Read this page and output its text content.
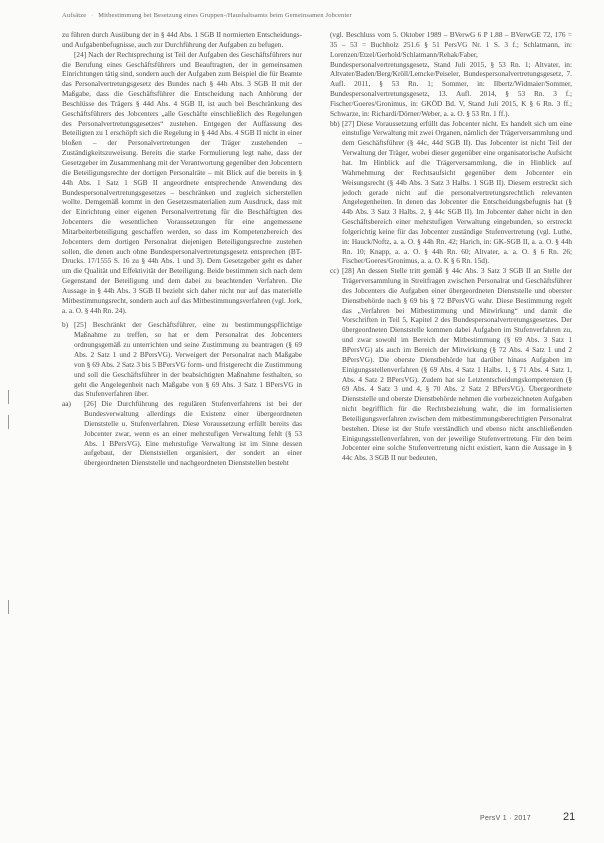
Aufsätze · Mitbestimmung bei Besetzung eines Gruppen-/Haushaltsamts beim Gemeinsamen Jobcenter

zu führen durch Ausübung der in § 44d Abs. 1 SGB II normierten Entscheidungs- und Aufgabenbefugnisse, auch zur Durchführung der Aufgaben zu befugen.

[24] Nach der Rechtsprechung ist Teil der Aufgaben des Geschäftsführers nur die Berufung eines Geschäftsführers und Beauftragten, der in gemeinsamen Einrichtungen tätig sind, sondern auch der Aufgaben zum Beispiel die für Beamte das Personalvertretungsgesetz des Bundes nach § 44h Abs. 3 SGB II mit der Maßgabe, dass die Geschäftsführer die Entscheidung nach Anhörung der Beschlüsse des Trägers § 44d Abs. 4 SGB II, ist auch bei Beschränkung des Geschäftsführers des Jobcenters „alle Geschäfte einschließlich des Regelungen des Personalvertretungsgesetzes“ zustehen. Entgegen der Auffassung des Beteiligten zu 1 erschöpft sich die Regelung in § 44d Abs. 4 SGB II nicht in einer bloßen – der Personalvertretungen der Träger zustehenden – Zuständigkeitszuweisung. Bereits die starke Formulierung legt nahe, dass der Gesetzgeber im Zusammenhang mit der Verantwortung gegenüber den Jobcentern die Beteiligungsrechte der dortigen Personalräte – mit Blick auf die bereits in § 44h Abs. 1 Satz 1 SGB II angeordnete entsprechende Anwendung des Bundespersonalvertretungsgesetzes – beschränken und zugleich sicherstellen wollte. Demgemäß kommt in den Gesetzesmaterialien zum Ausdruck, dass mit der Einrichtung einer eigenen Personalvertretung für die Beschäftigten des Jobcenters die wesentlichen Voraussetzungen für eine angemessene Mitarbeiterbeteiligung geschaffen werden, so dass im Kompetenzbereich des Jobcenters dem dortigen Personalrat diejenigen Beteiligungsrechte zustehen sollen, die denen auch ohne Bundespersonalvertretungsgesetz entsprechen (BT-Drucks. 17/1555 S. 16 zu § 44h Abs. 1 und 3). Dem Gesetzgeber geht es daher um die Qualität und Effektivität der Beteiligung. Beide bestimmen sich nach dem Gegenstand der Beteiligung und dem dabei zu beachtenden Verfahren. Die Aussage in § 44h Abs. 3 SGB II bezieht sich daher nicht nur auf das materielle Mitbestimmungsrecht, sondern auch auf das Mitbestimmungsverfahren (vgl. Jork, a. a. O. § 44h Rn. 24).

b) [25] Beschränkt der Geschäftsführer, eine zu bestimmungspflichtige Maßnahme zu treffen, so hat er dem Personalrat des Jobcenters ordnungsgemäß zu unterrichten und seine Zustimmung zu beantragen (§ 69 Abs. 2 Satz 1 und 2 BPersVG). Verweigert der Personalrat nach Maßgabe von § 69 Abs. 2 Satz 3 bis 5 BPersVG form- und fristgerecht die Zustimmung und soll die Geschäftsführer in der beabsichtigten Maßnahme festhalten, so geht die Angelegenheit nach Maßgabe von § 69 Abs. 3 Satz 1 BPersVG in das Stufenverfahren über.

aa) [26] Die Durchführung des regulären Stufenverfahrens ist bei der Bundesverwaltung allerdings die Existenz einer übergeordneten Dienststelle u. Stufenverfahren. Diese Voraussetzung erfüllt bereits das Jobcenter zwar, wenn es an einer mehrstufigen Verwaltung fehlt (§ 53 Abs. 1 BPersVG). Eine mehrstufige Verwaltung ist im Sinne dessen aufgebaut, der Dienststellen organisiert, der sondert an einer übergeordneten Dienststelle und nachgeordneten Dienststellen besteht

(vgl. Beschluss vom 5. Oktober 1989 – BVerwG 6 P 1.88 – BVerwGE 72, 176 = 35 – 53 = Buchholz 251.6 § 51 PersVG Nr. 1 S. 3 f.; Schlatmann, in: Lorenzen/Etzel/Gerhold/Schlatmann/Rehak/Faber, Bundespersonalvertretungsgesetz, Stand Juli 2015, § 53 Rn. 1; Altvater, in: Altvater/Baden/Berg/Kröll/Lemcke/Peiseler, Bundespersonalvertretungsgesetz, 7. Aufl. 2011, § 53 Rn. 1; Sommer, in: Ilbertz/Widmaier/Sommer, Bundespersonalvertretungsgesetz, 13. Aufl. 2014, § 53 Rn. 3 f.; Fischer/Goeres/Gronimus, in: GKÖD Bd. V, Stand Juli 2015, K § 6 Rn. 3 ff.; Schwarze, in: Richardi/Dörner/Weber, a. a. O. § 53 Rn. 1 ff.).

bb) [27] Diese Voraussetzung erfüllt das Jobcenter nicht. Es handelt sich um eine einstufige Verwaltung mit zwei Organen, nämlich der Trägerversammlung und dem Geschäftsführer (§ 44c, 44d SGB II). Das Jobcenter ist nicht Teil der Verwaltung der Träger, wobei dieser gegenüber eine organisatorische Aufsicht hat. Im Hinblick auf die Trägerversammlung, die in Hinblick auf Wahrnehmung der Rechtsaufsicht gegenüber dem Jobcenter ein Weisungsrecht (§ 44b Abs. 3 Satz 3 Halbs. 1 SGB II). Diesem erstreckt sich jedoch gerade nicht auf die personalvertretungsrechtlich relevanten Angelegenheiten. In denen das Jobcenter die Entscheidungsbefugnis hat (§ 44b Abs. 3 Satz 3 Halbs. 2, § 44c SGB II). Im Jobcenter daher nicht in den Geschäftsbereich einer mehrstufigen Verwaltung eingebunden, so erstreckt folgerichtig keine für das Jobcenter zuständige Stufenvertretung (vgl. Luthe, in: Hauck/Noftz, a. a. O. § 44h Rn. 42; Harich, in: GK-SGB II, a. a. O. § 44h Rn. 10; Knapp, a. a. O. § 44h Rn. 60; Altvater, a. a. O. § 6 Rn. 26; Fischer/Goeres/Gronimus, a. a. O. K § 6 Rn. 15d).

cc) [28] An dessen Stelle tritt gemäß § 44c Abs. 3 Satz 3 SGB II an Stelle der Trägerversammlung in Streitfragen zwischen Personalrat und Geschäftsführer des Jobcenters die Aufgaben einer übergeordneten Dienststelle und oberster Dienstbehörde nach § 69 bis § 72 BPersVG wahr. Diese Bestimmung regelt das „Verfahren bei Mitbestimmung und Mitwirkung“ und damit die Vorschriften in Teil 5, Kapitel 2 des Bundespersonalvertretungsgesetzes. Der übergeordneten Dienststelle kommen dabei Aufgaben im Stufenverfahren zu, und zwar sowohl im Bereich der Mitbestimmung (§ 69 Abs. 3 Satz 1 BPersVG) als auch im Bereich der Mitwirkung (§ 72 Abs. 4 Satz 1 und 2 BPersVG). Die oberste Dienstbehörde hat darüber hinaus Aufgaben im Einigungsstellenverfahren (§ 69 Abs. 4 Satz 1 Halbs. 1, § 71 Abs. 4 Satz 1, Abs. 4 Satz 2 BPersVG). Zudem hat sie Letztentscheidungskompetenzen (§ 69 Abs. 4 Satz 3 und 4, § 70 Abs. 2 Satz 2 BPersVG). Übergeordnete Dienststelle und oberste Dienstbehörde nehmen die vorbezeichneten Aufgaben nicht begrifflich für die Rechtsbeziehung wahr, die im formalisierten Beteiligungsverfahren zwischen dem mitbestimmungsberechtigten Personalrat bestehen. Diese ist der Stufe verständlich und ebenso nicht anschließenden Einigungsstellenverfahren, von der jeweilige Stufenvertretung. Für den beim Jobcenter eine solche Stufenvertretung nicht existiert, kann die Aussage in § 44c Abs. 3 SGB II nur bedeuten,

PersV 1 · 2017	21
